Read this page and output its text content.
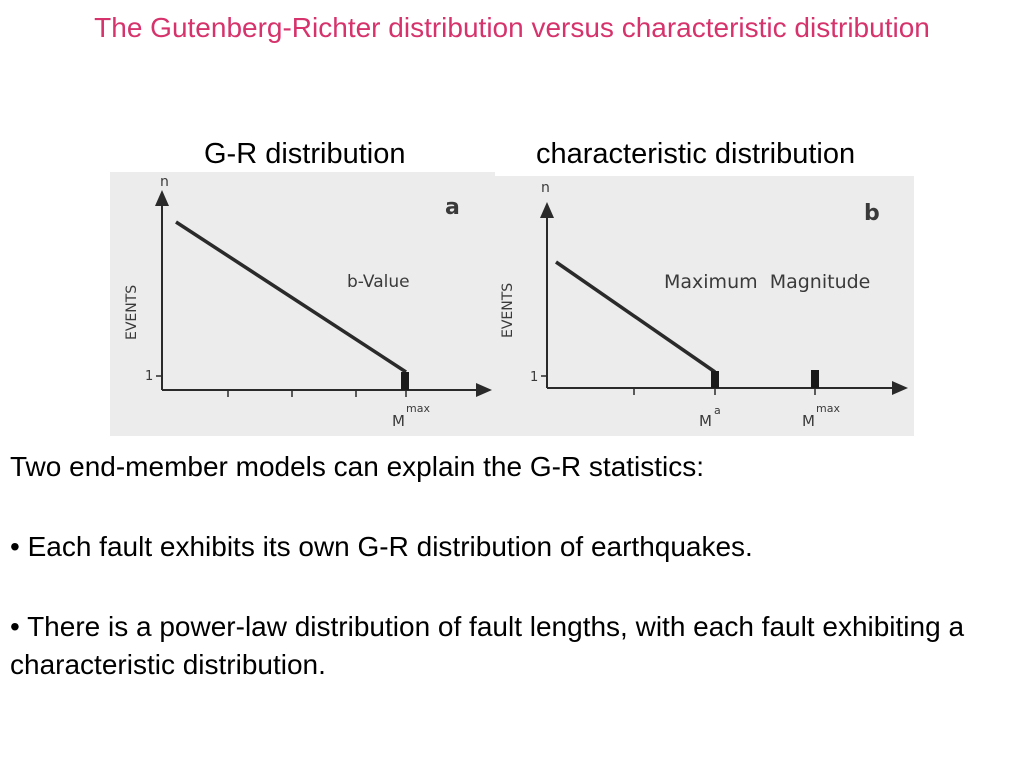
The Gutenberg-Richter distribution versus characteristic distribution
G-R distribution	characteristic distribution
n
a
b-Value
1
EVENTS
M
max
n
b
Maximum  Magnitude
1
EVENTS
M
a
M
max
Two end-member models can explain the G-R statistics:
• Each fault exhibits its own G-R distribution of earthquakes.
• There is a power-law distribution of fault lengths, with each fault exhibiting a characteristic distribution.
